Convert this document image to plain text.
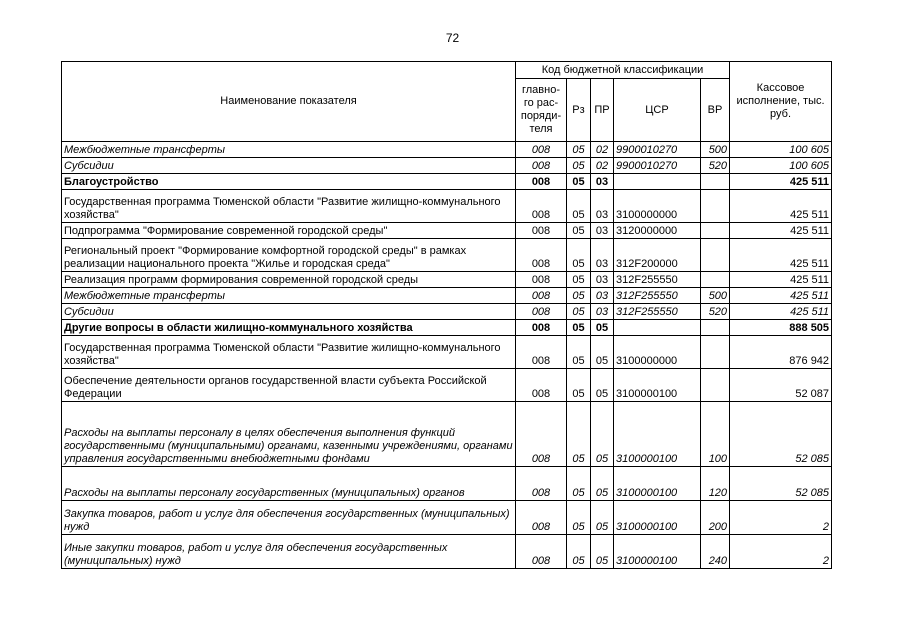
72
Наименование показателя	Код бюджетной классификации					Кассовое исполнение, тыс. руб.
	главно-го рас-поряди-теля	Рз	ПР	ЦСР	ВР	
Межбюджетные трансферты	008	05	02	9900010270	500	100 605
Субсидии	008	05	02	9900010270	520	100 605
Благоустройство	008	05	03			425 511
Государственная программа Тюменской области "Развитие жилищно-коммунального хозяйства"	008	05	03	3100000000		425 511
Подпрограмма "Формирование современной городской среды"	008	05	03	3120000000		425 511
Региональный проект "Формирование комфортной городской среды" в рамках реализации национального проекта "Жилье и городская среда"	008	05	03	312F200000		425 511
Реализация программ формирования современной городской среды	008	05	03	312F255550		425 511
Межбюджетные трансферты	008	05	03	312F255550	500	425 511
Субсидии	008	05	03	312F255550	520	425 511
Другие вопросы в области жилищно-коммунального хозяйства	008	05	05			888 505
Государственная программа Тюменской области "Развитие жилищно-коммунального хозяйства"	008	05	05	3100000000		876 942
Обеспечение деятельности органов государственной власти субъекта Российской Федерации	008	05	05	3100000100		52 087
Расходы на выплаты персоналу в целях обеспечения выполнения функций государственными (муниципальными) органами, казенными учреждениями, органами управления государственными внебюджетными фондами	008	05	05	3100000100	100	52 085
Расходы на выплаты персоналу государственных (муниципальных) органов	008	05	05	3100000100	120	52 085
Закупка товаров, работ и услуг для обеспечения государственных (муниципальных) нужд	008	05	05	3100000100	200	2
Иные закупки товаров, работ и услуг для обеспечения государственных (муниципальных) нужд	008	05	05	3100000100	240	2
